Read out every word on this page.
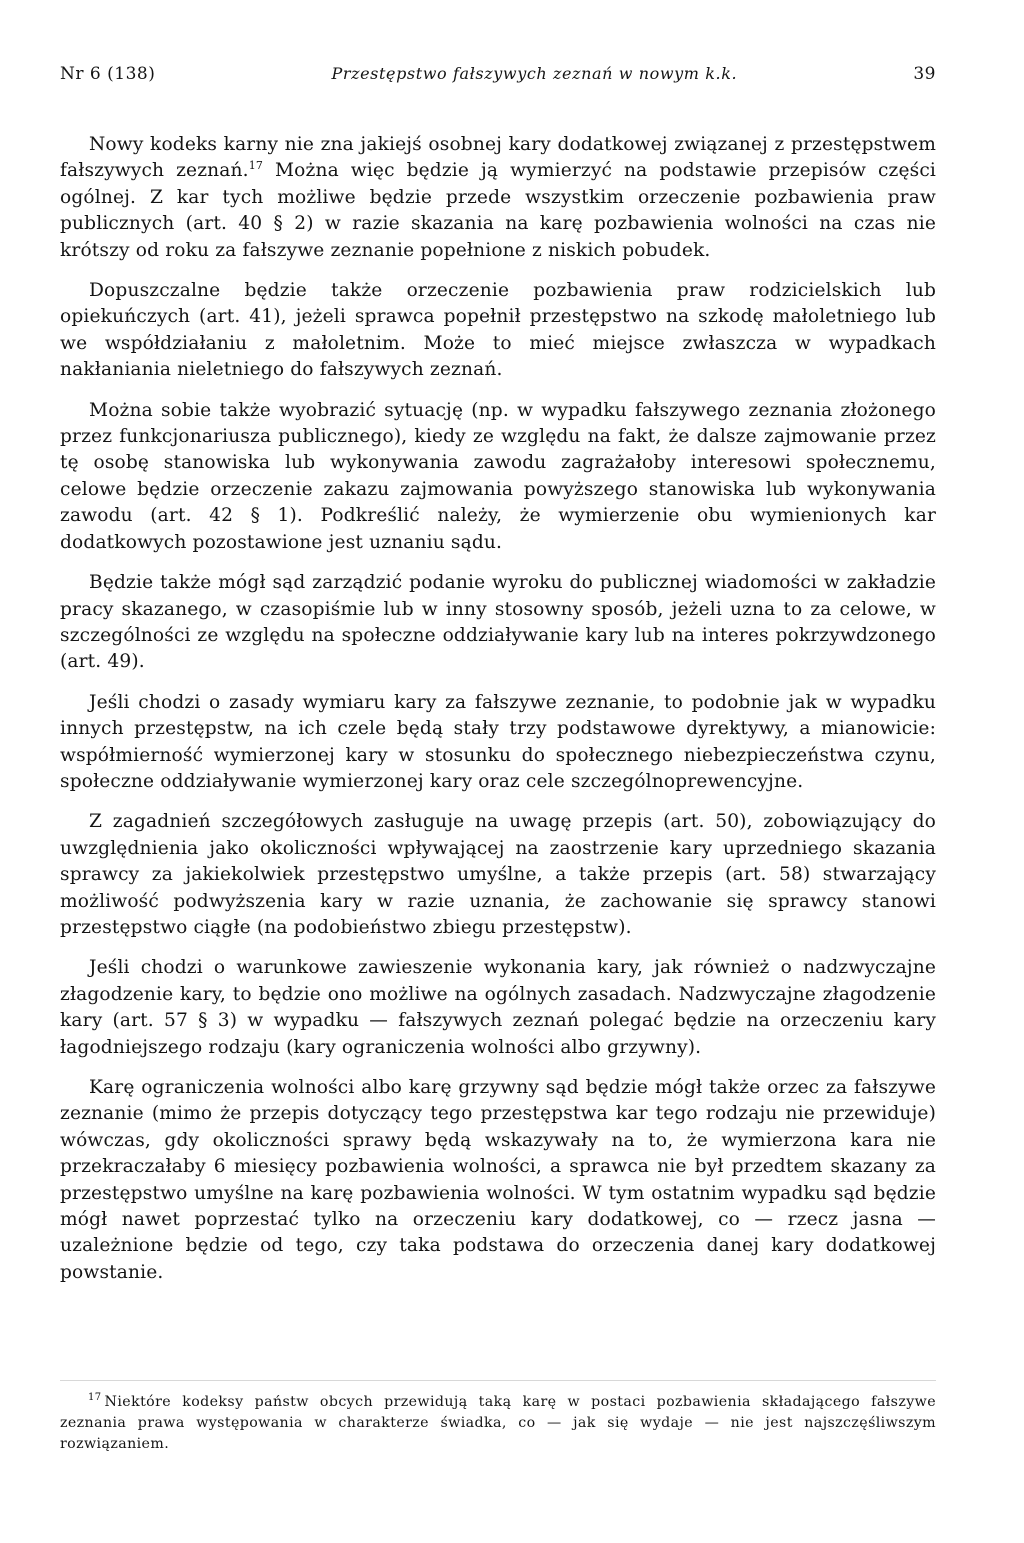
Nr 6 (138)	Przestępstwo fałszywych zeznań w nowym k.k.	39

Nowy kodeks karny nie zna jakiejś osobnej kary dodatkowej związanej z przestępstwem fałszywych zeznań.$^{17}$ Można więc będzie ją wymierzyć na podstawie przepisów części ogólnej. Z kar tych możliwe będzie przede wszystkim orzeczenie pozbawienia praw publicznych (art. 40 § 2) w razie skazania na karę pozbawienia wolności na czas nie krótszy od roku za fałszywe zeznanie popełnione z niskich pobudek.

Dopuszczalne będzie także orzeczenie pozbawienia praw rodzicielskich lub opiekuńczych (art. 41), jeżeli sprawca popełnił przestępstwo na szkodę małoletniego lub we współdziałaniu z małoletnim. Może to mieć miejsce zwłaszcza w wypadkach nakłaniania nieletniego do fałszywych zeznań.

Można sobie także wyobrazić sytuację (np. w wypadku fałszywego zeznania złożonego przez funkcjonariusza publicznego), kiedy ze względu na fakt, że dalsze zajmowanie przez tę osobę stanowiska lub wykonywania zawodu zagrażałoby interesowi społecznemu, celowe będzie orzeczenie zakazu zajmowania powyższego stanowiska lub wykonywania zawodu (art. 42 § 1). Podkreślić należy, że wymierzenie obu wymienionych kar dodatkowych pozostawione jest uznaniu sądu.

Będzie także mógł sąd zarządzić podanie wyroku do publicznej wiadomości w zakładzie pracy skazanego, w czasopiśmie lub w inny stosowny sposób, jeżeli uzna to za celowe, w szczególności ze względu na społeczne oddziaływanie kary lub na interes pokrzywdzonego (art. 49).

Jeśli chodzi o zasady wymiaru kary za fałszywe zeznanie, to podobnie jak w wypadku innych przestępstw, na ich czele będą stały trzy podstawowe dyrektywy, a mianowicie: współmierność wymierzonej kary w stosunku do społecznego niebezpieczeństwa czynu, społeczne oddziaływanie wymierzonej kary oraz cele szczególnoprewencyjne.

Z zagadnień szczegółowych zasługuje na uwagę przepis (art. 50), zobowiązujący do uwzględnienia jako okoliczności wpływającej na zaostrzenie kary uprzedniego skazania sprawcy za jakiekolwiek przestępstwo umyślne, a także przepis (art. 58) stwarzający możliwość podwyższenia kary w razie uznania, że zachowanie się sprawcy stanowi przestępstwo ciągłe (na podobieństwo zbiegu przestępstw).

Jeśli chodzi o warunkowe zawieszenie wykonania kary, jak również o nadzwyczajne złagodzenie kary, to będzie ono możliwe na ogólnych zasadach. Nadzwyczajne złagodzenie kary (art. 57 § 3) w wypadku — fałszywych zeznań polegać będzie na orzeczeniu kary łagodniejszego rodzaju (kary ograniczenia wolności albo grzywny).

Karę ograniczenia wolności albo karę grzywny sąd będzie mógł także orzec za fałszywe zeznanie (mimo że przepis dotyczący tego przestępstwa kar tego rodzaju nie przewiduje) wówczas, gdy okoliczności sprawy będą wskazywały na to, że wymierzona kara nie przekraczałaby 6 miesięcy pozbawienia wolności, a sprawca nie był przedtem skazany za przestępstwo umyślne na karę pozbawienia wolności. W tym ostatnim wypadku sąd będzie mógł nawet poprzestać tylko na orzeczeniu kary dodatkowej, co — rzecz jasna — uzależnione będzie od tego, czy taka podstawa do orzeczenia danej kary dodatkowej powstanie.

$^{17}$ Niektóre kodeksy państw obcych przewidują taką karę w postaci pozbawienia składającego fałszywe zeznania prawa występowania w charakterze świadka, co — jak się wydaje — nie jest najszczęśliwszym rozwiązaniem.
